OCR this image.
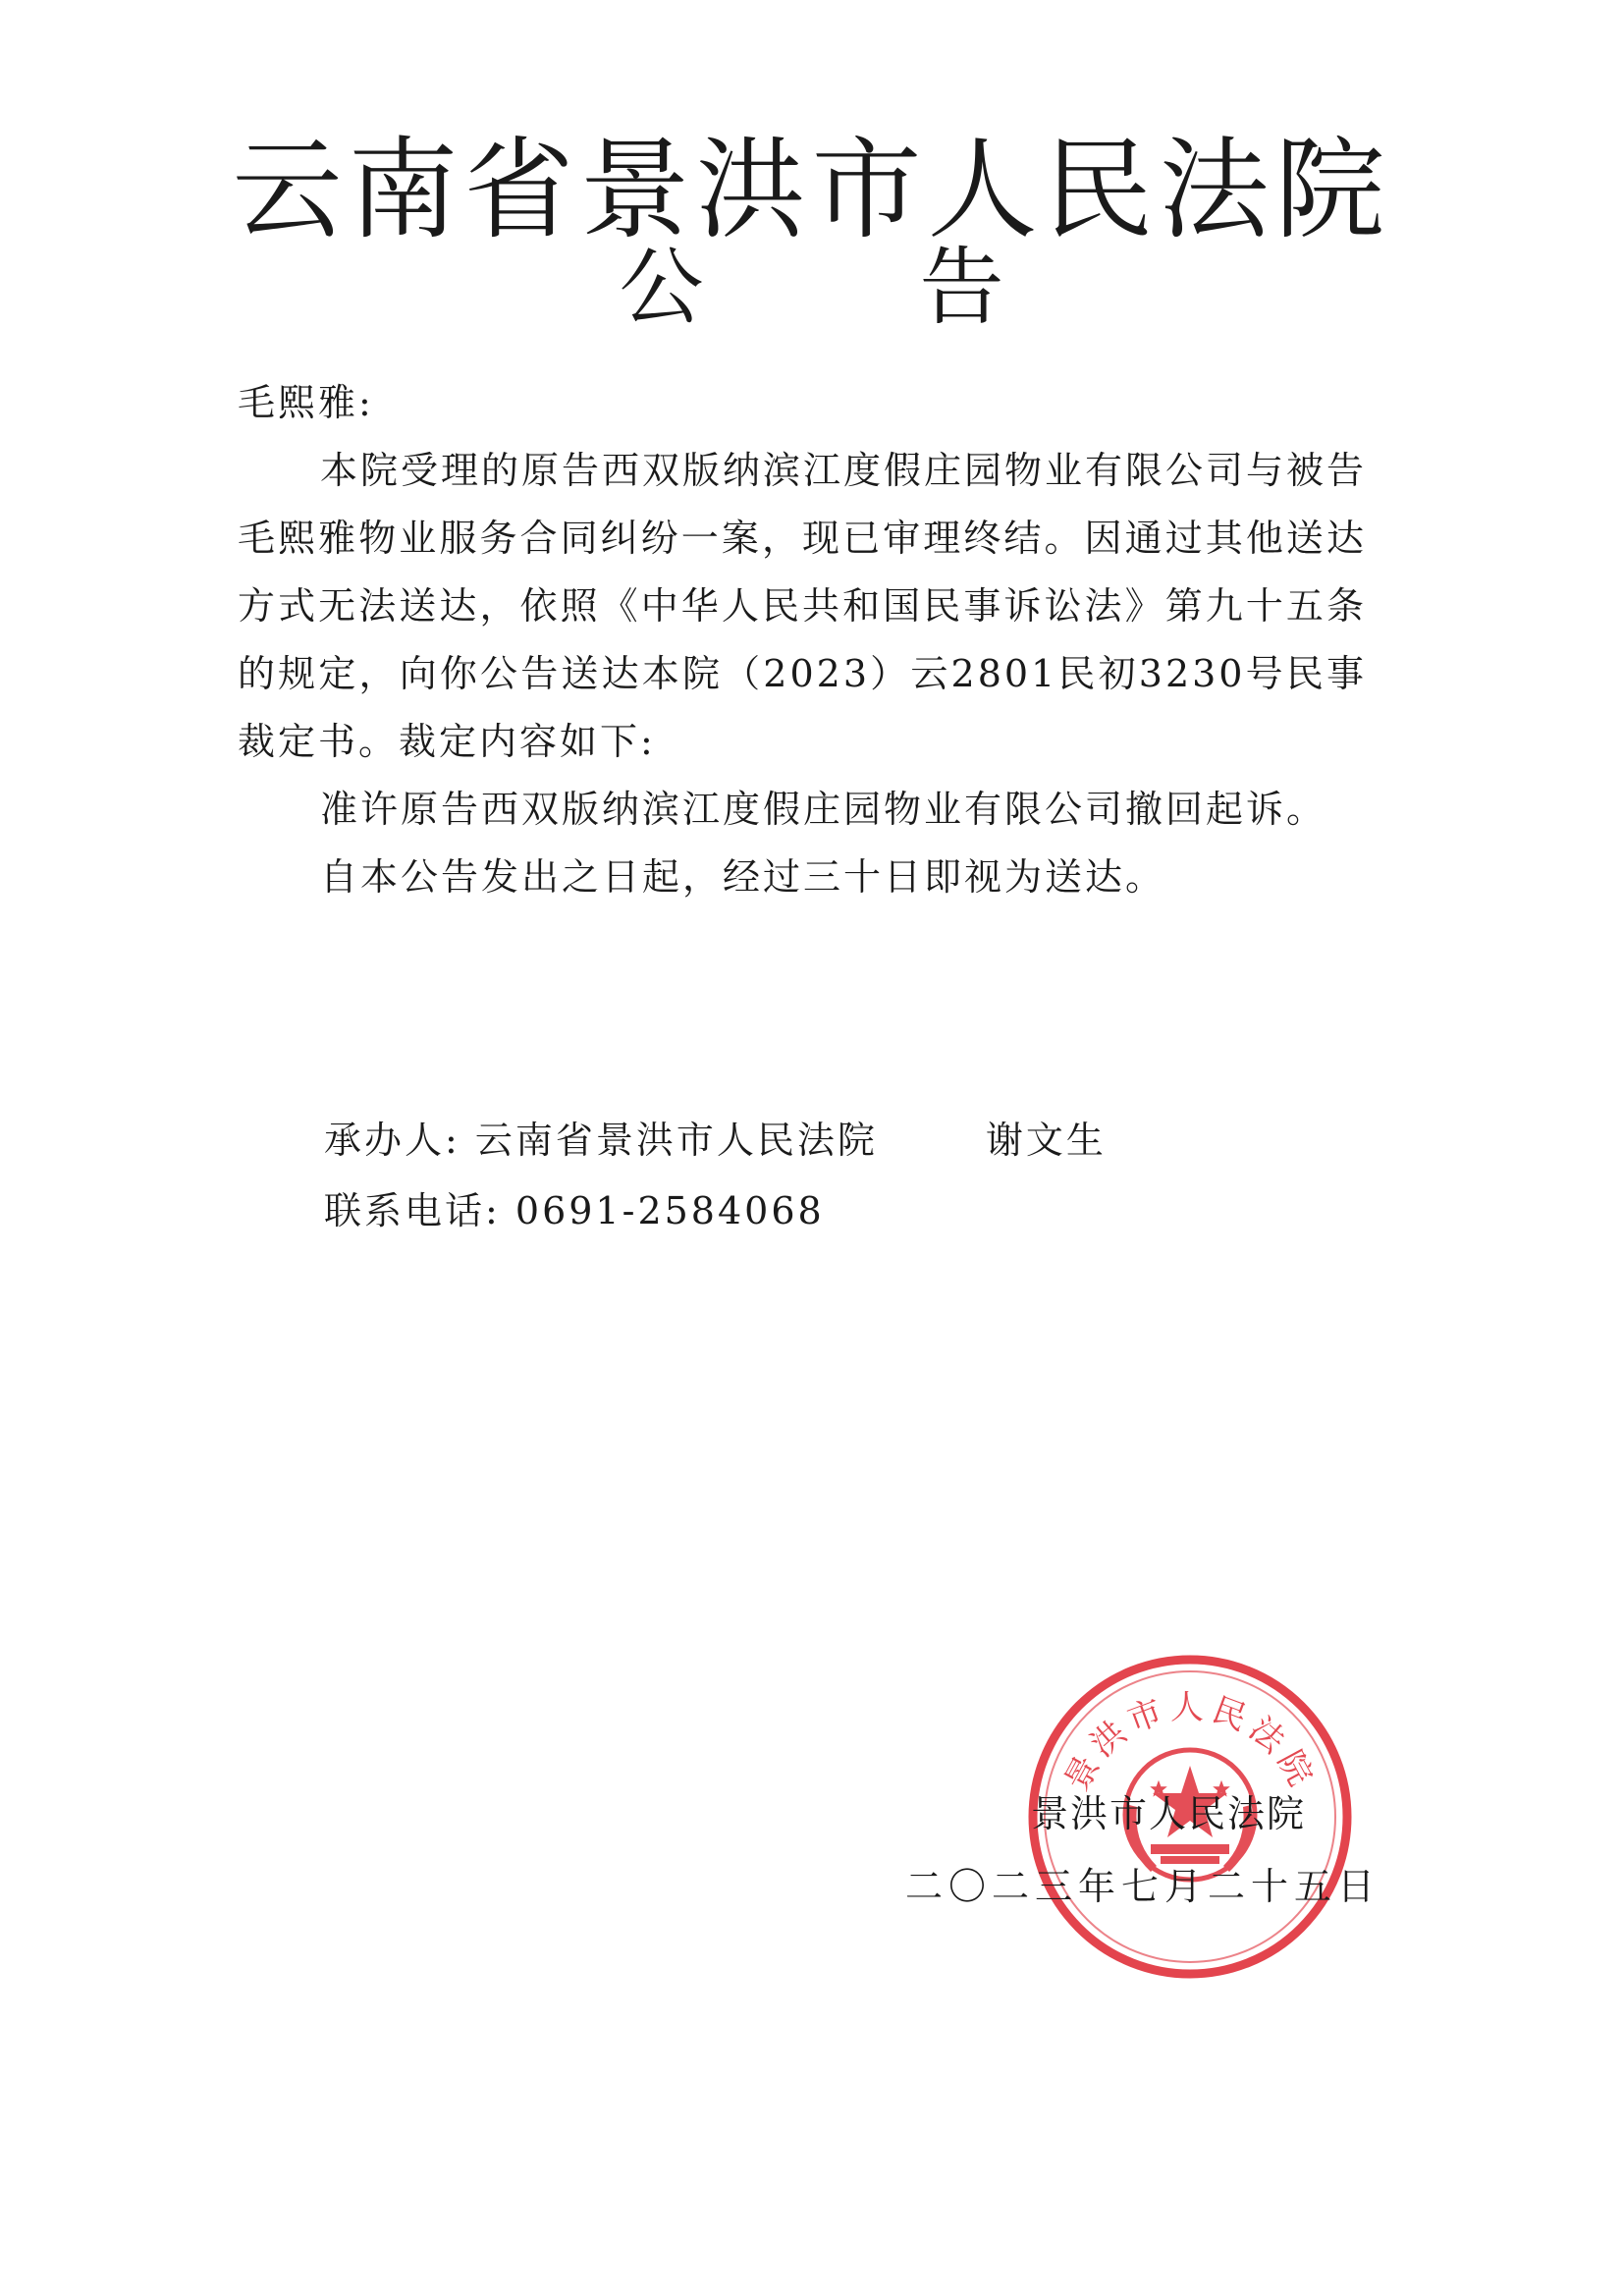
云南省景洪市人民法院
公	告

毛熙雅:

本院受理的原告西双版纳滨江度假庄园物业有限公司与被告毛熙雅物业服务合同纠纷一案，现已审理终结。因通过其他送达方式无法送达，依照《中华人民共和国民事诉讼法》第九十五条的规定，向你公告送达本院（2023）云2801民初3230号民事裁定书。裁定内容如下:

准许原告西双版纳滨江度假庄园物业有限公司撤回起诉。

自本公告发出之日起，经过三十日即视为送达。

承办人: 云南省景洪市人民法院	谢文生
联系电话: 0691-2584068
景洪市人民法院
景洪市人民法院
二〇二三年七月二十五日
